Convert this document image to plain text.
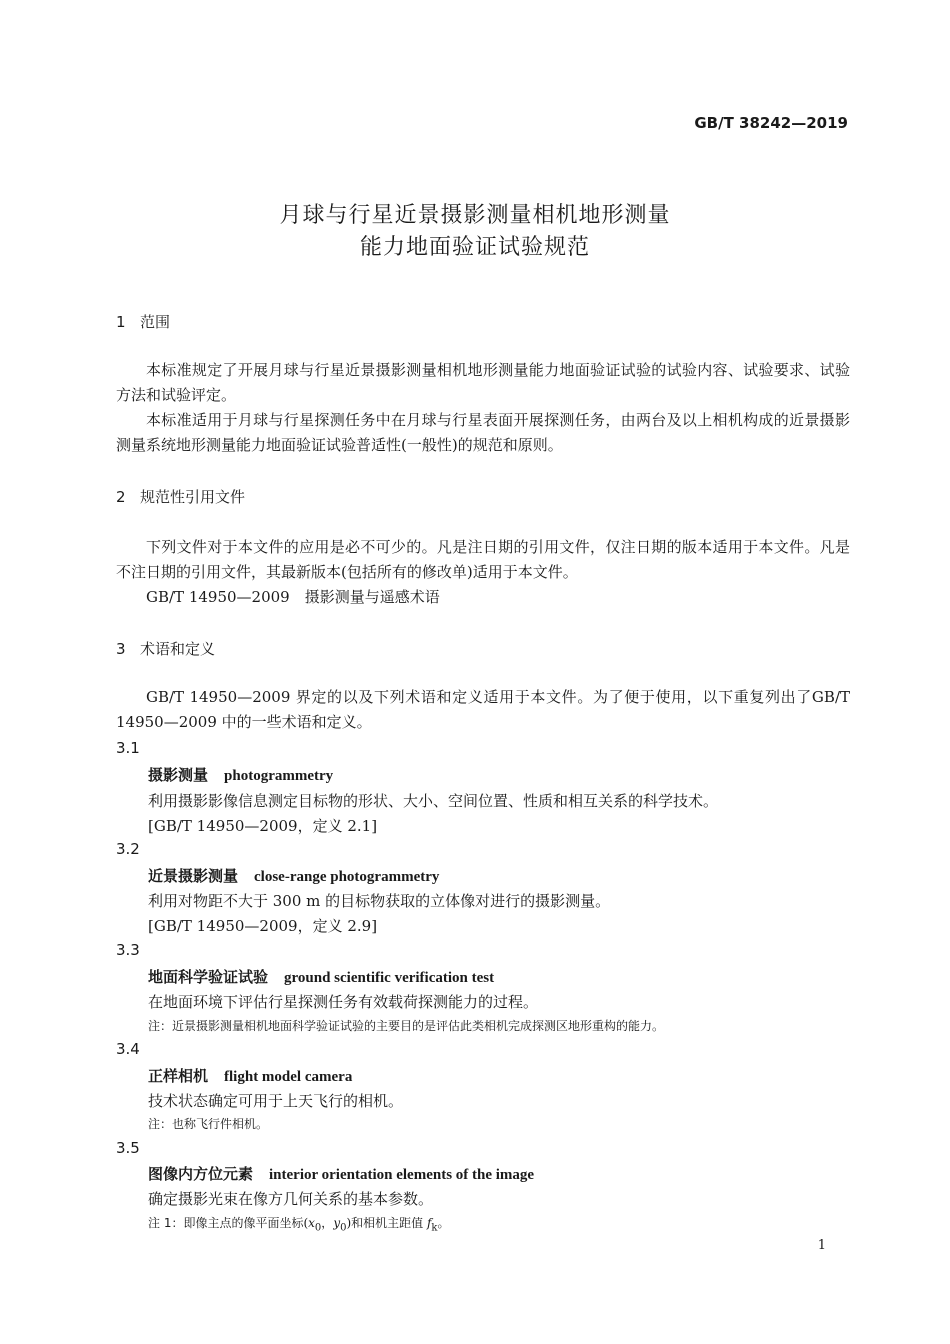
GB/T 38242—2019
月球与行星近景摄影测量相机地形测量
能力地面验证试验规范
1 范围

本标准规定了开展月球与行星近景摄影测量相机地形测量能力地面验证试验的试验内容、试验要求、试验方法和试验评定。

本标准适用于月球与行星探测任务中在月球与行星表面开展探测任务，由两台及以上相机构成的近景摄影测量系统地形测量能力地面验证试验普适性(一般性)的规范和原则。

2 规范性引用文件

下列文件对于本文件的应用是必不可少的。凡是注日期的引用文件，仅注日期的版本适用于本文件。凡是不注日期的引用文件，其最新版本(包括所有的修改单)适用于本文件。

GB/T 14950—2009　摄影测量与遥感术语

3 术语和定义

GB/T 14950—2009 界定的以及下列术语和定义适用于本文件。为了便于使用，以下重复列出了GB/T 14950—2009 中的一些术语和定义。

3.1
摄影测量 photogrammetry
利用摄影影像信息测定目标物的形状、大小、空间位置、性质和相互关系的科学技术。
[GB/T 14950—2009，定义 2.1]
3.2
近景摄影测量 close-range photogrammetry
利用对物距不大于 300 m 的目标物获取的立体像对进行的摄影测量。
[GB/T 14950—2009，定义 2.9]
3.3
地面科学验证试验 ground scientific verification test
在地面环境下评估行星探测任务有效载荷探测能力的过程。
注：近景摄影测量相机地面科学验证试验的主要目的是评估此类相机完成探测区地形重构的能力。
3.4
正样相机 flight model camera
技术状态确定可用于上天飞行的相机。
注：也称飞行件相机。
3.5
图像内方位元素 interior orientation elements of the image
确定摄影光束在像方几何关系的基本参数。
注 1：即像主点的像平面坐标($x_0$，$y_0$)和相机主距值 $f_k$。
1
